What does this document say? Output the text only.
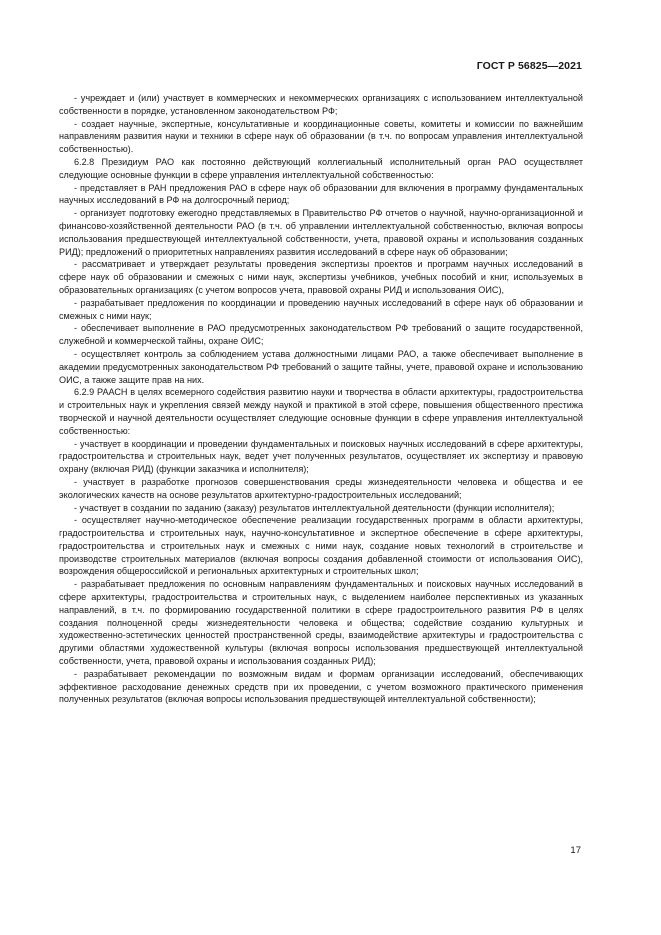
ГОСТ Р 56825—2021

- учреждает и (или) участвует в коммерческих и некоммерческих организациях с использованием интеллектуальной собственности в порядке, установленном законодательством РФ;

- создает научные, экспертные, консультативные и координационные советы, комитеты и комиссии по важнейшим направлениям развития науки и техники в сфере наук об образовании (в т.ч. по вопросам управления интеллектуальной собственностью).

6.2.8 Президиум РАО как постоянно действующий коллегиальный исполнительный орган РАО осуществляет следующие основные функции в сфере управления интеллектуальной собственностью:

- представляет в РАН предложения РАО в сфере наук об образовании для включения в программу фундаментальных научных исследований в РФ на долгосрочный период;

- организует подготовку ежегодно представляемых в Правительство РФ отчетов о научной, научно-организационной и финансово-хозяйственной деятельности РАО (в т.ч. об управлении интеллектуальной собственностью, включая вопросы использования предшествующей интеллектуальной собственности, учета, правовой охраны и использования созданных РИД); предложений о приоритетных направлениях развития исследований в сфере наук об образовании;

- рассматривает и утверждает результаты проведения экспертизы проектов и программ научных исследований в сфере наук об образовании и смежных с ними наук, экспертизы учебников, учебных пособий и книг, используемых в образовательных организациях (с учетом вопросов учета, правовой охраны РИД и использования ОИС),

- разрабатывает предложения по координации и проведению научных исследований в сфере наук об образовании и смежных с ними наук;

- обеспечивает выполнение в РАО предусмотренных законодательством РФ требований о защите государственной, служебной и коммерческой тайны, охране ОИС;

- осуществляет контроль за соблюдением устава должностными лицами РАО, а также обеспечивает выполнение в академии предусмотренных законодательством РФ требований о защите тайны, учете, правовой охране и использованию ОИС, а также защите прав на них.

6.2.9 РААСН в целях всемерного содействия развитию науки и творчества в области архитектуры, градостроительства и строительных наук и укрепления связей между наукой и практикой в этой сфере, повышения общественного престижа творческой и научной деятельности осуществляет следующие основные функции в сфере управления интеллектуальной собственностью:

- участвует в координации и проведении фундаментальных и поисковых научных исследований в сфере архитектуры, градостроительства и строительных наук, ведет учет полученных результатов, осуществляет их экспертизу и правовую охрану (включая РИД) (функции заказчика и исполнителя);

- участвует в разработке прогнозов совершенствования среды жизнедеятельности человека и общества и ее экологических качеств на основе результатов архитектурно-градостроительных исследований;

- участвует в создании по заданию (заказу) результатов интеллектуальной деятельности (функции исполнителя);

- осуществляет научно-методическое обеспечение реализации государственных программ в области архитектуры, градостроительства и строительных наук, научно-консультативное и экспертное обеспечение в сфере архитектуры, градостроительства и строительных наук и смежных с ними наук, создание новых технологий в строительстве и производстве строительных материалов (включая вопросы создания добавленной стоимости от использования ОИС), возрождения общероссийской и региональных архитектурных и строительных школ;

- разрабатывает предложения по основным направлениям фундаментальных и поисковых научных исследований в сфере архитектуры, градостроительства и строительных наук, с выделением наиболее перспективных из указанных направлений, в т.ч. по формированию государственной политики в сфере градостроительного развития РФ в целях создания полноценной среды жизнедеятельности человека и общества; содействие созданию культурных и художественно-эстетических ценностей пространственной среды, взаимодействие архитектуры и градостроительства с другими областями художественной культуры (включая вопросы использования предшествующей интеллектуальной собственности, учета, правовой охраны и использования созданных РИД);

- разрабатывает рекомендации по возможным видам и формам организации исследований, обеспечивающих эффективное расходование денежных средств при их проведении, с учетом возможного практического применения полученных результатов (включая вопросы использования предшествующей интеллектуальной собственности);

17
